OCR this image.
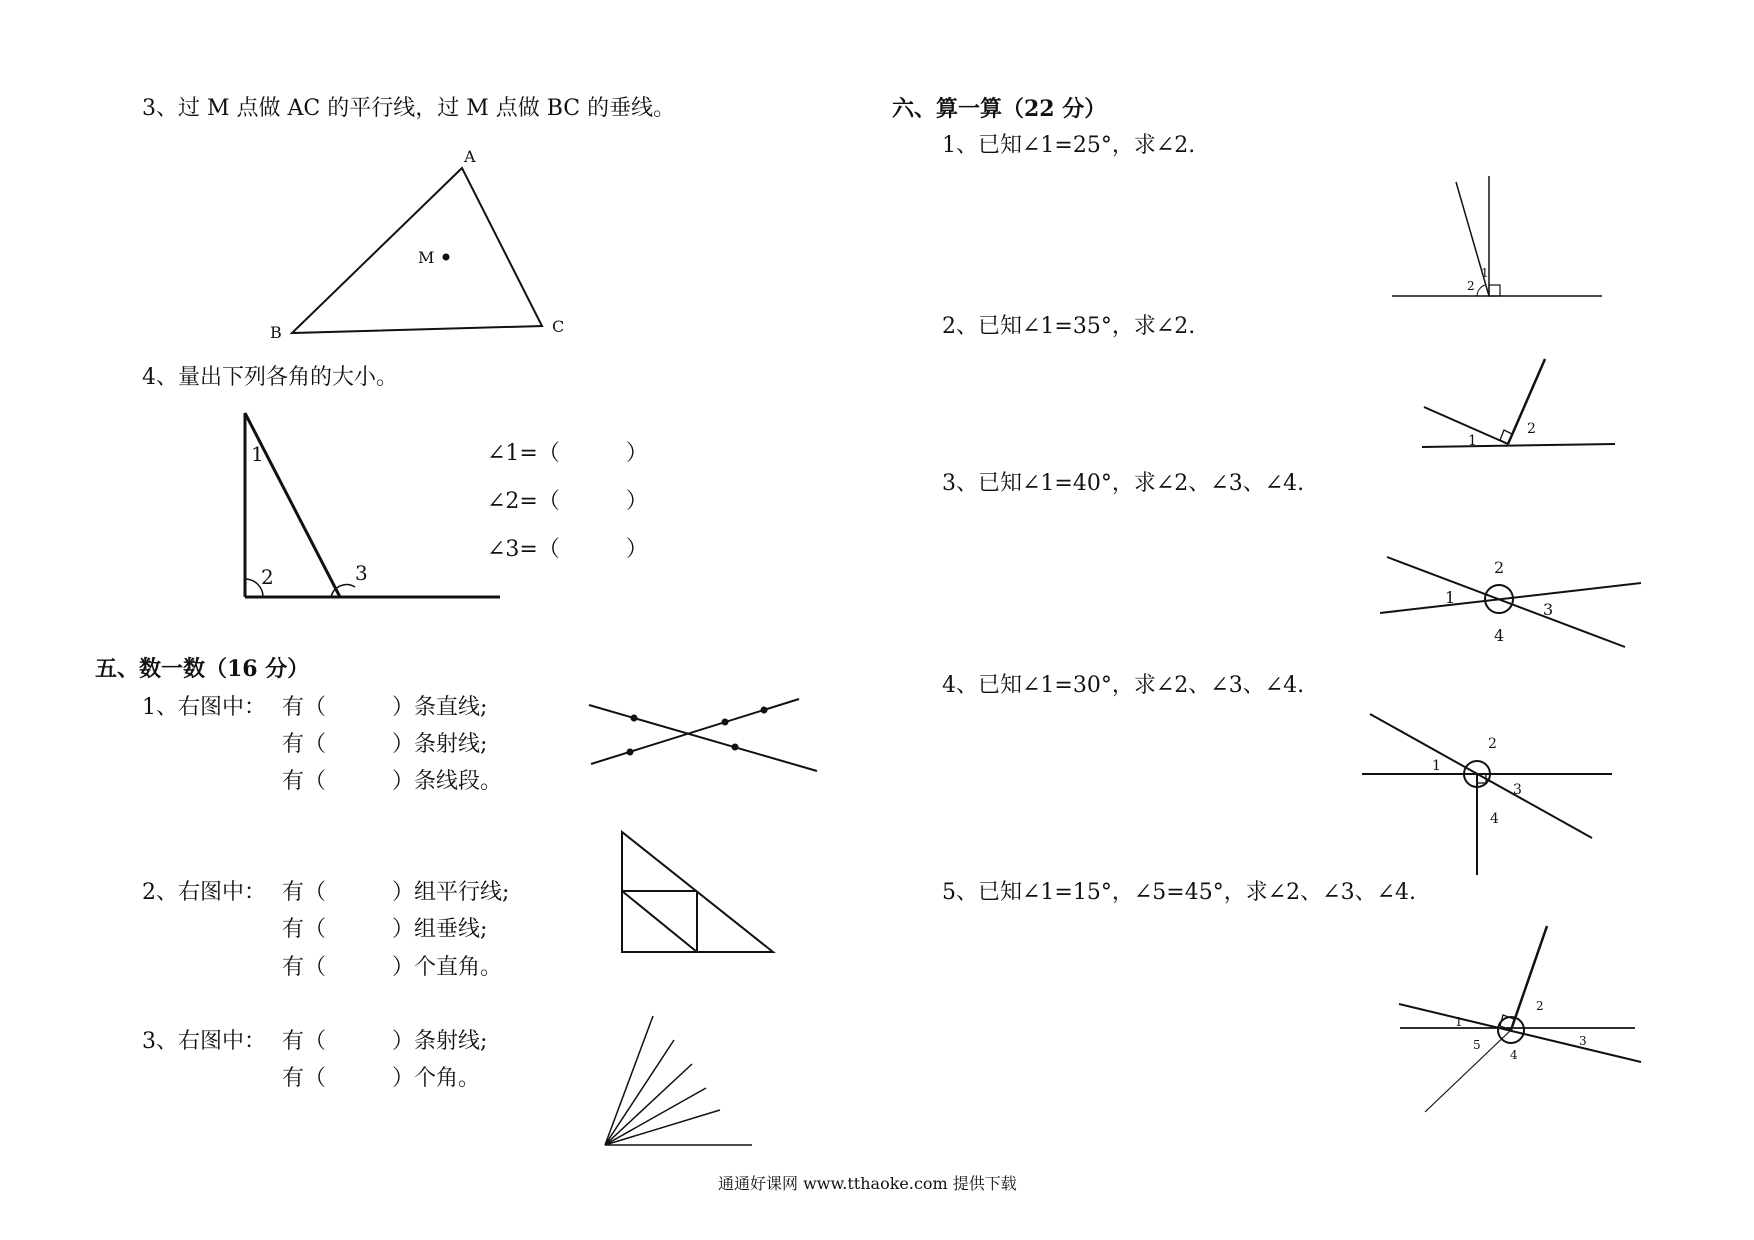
3、过 M 点做 AC 的平行线，过 M 点做 BC 的垂线。
A
B	C
M
4、量出下列各角的大小。
1
2	3
∠1=（　　　）
∠2=（　　　）
∠3=（　　　）
五、数一数（16 分）
1、右图中： 有（　　　）条直线;
有（　　　）条射线;
有（　　　）条线段。
2、右图中： 有（　　　）组平行线;
有（　　　）组垂线;
有（　　　）个直角。
3、右图中： 有（　　　）条射线;
有（　　　）个角。
六、算一算（22 分）
1、已知∠1=25°，求∠2.
1
2
2、已知∠1=35°，求∠2.
1
2
3、已知∠1=40°，求∠2、∠3、∠4.
1
2
3
4
4、已知∠1=30°，求∠2、∠3、∠4.
1
2
3
4
5、已知∠1=15°，∠5=45°，求∠2、∠3、∠4.
1
2
3
4
5
通通好课网 www.tthaoke.com 提供下载
